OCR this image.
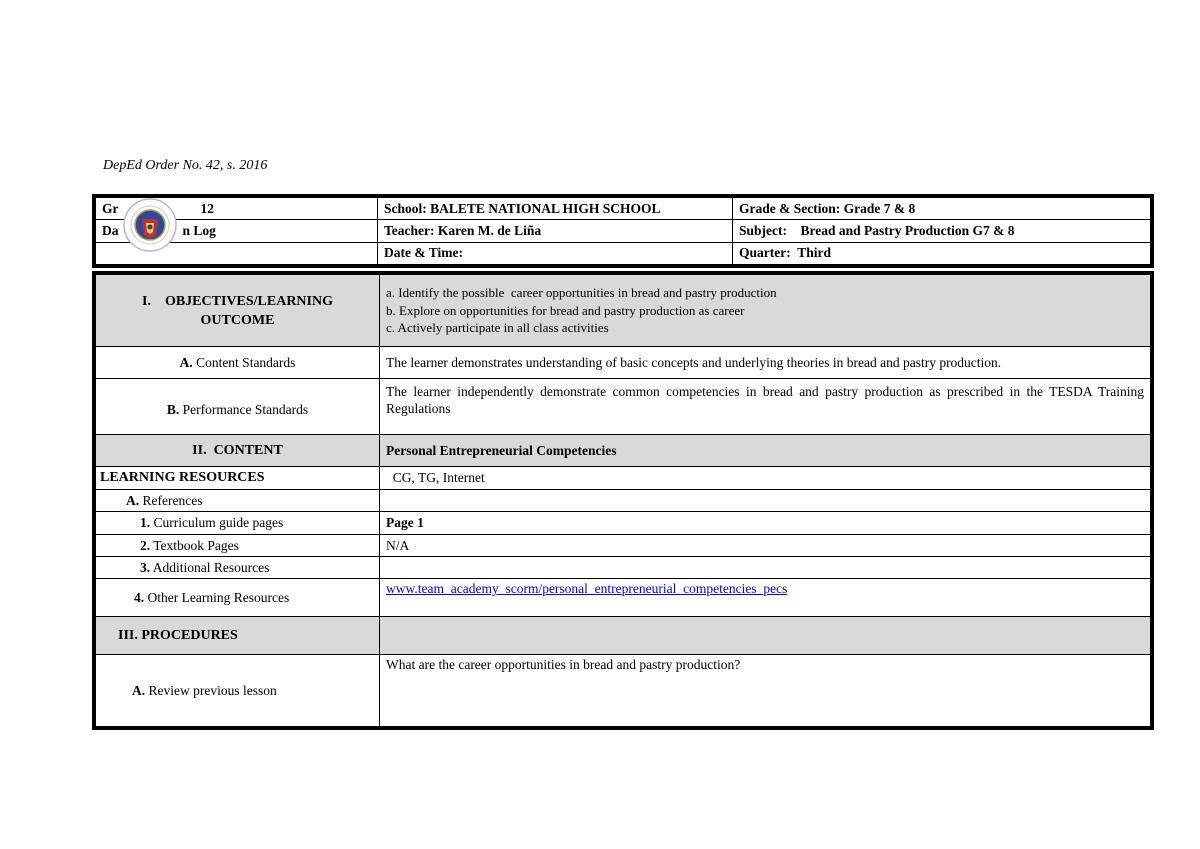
DepEd Order No. 42, s. 2016
Gr 12	School: BALETE NATIONAL HIGH SCHOOL	Grade & Section: Grade 7 & 8
Da n Log	Teacher: Karen M. de Liña	Subject:    Bread and Pastry Production G7 & 8
	Date & Time:	Quarter:  Third
I. OBJECTIVES/LEARNING OUTCOME	a. Identify the possible  career opportunities in bread and pastry production
b. Explore on opportunities for bread and pastry production as career
c. Actively participate in all class activities

A. Content Standards	The learner demonstrates understanding of basic concepts and underlying theories in bread and pastry production.
B. Performance Standards	The learner independently demonstrate common competencies in bread and pastry production as prescribed in the TESDA Training Regulations
II.  CONTENT	Personal Entrepreneurial Competencies
LEARNING RESOURCES	CG, TG, Internet
A. References	
1. Curriculum guide pages	Page 1
2. Textbook Pages	N/A
3. Additional Resources	
4. Other Learning Resources	www.team_academy_scorm/personal_entrepreneurial_competencies_pecs
III. PROCEDURES	
A. Review previous lesson	What are the career opportunities in bread and pastry production?
